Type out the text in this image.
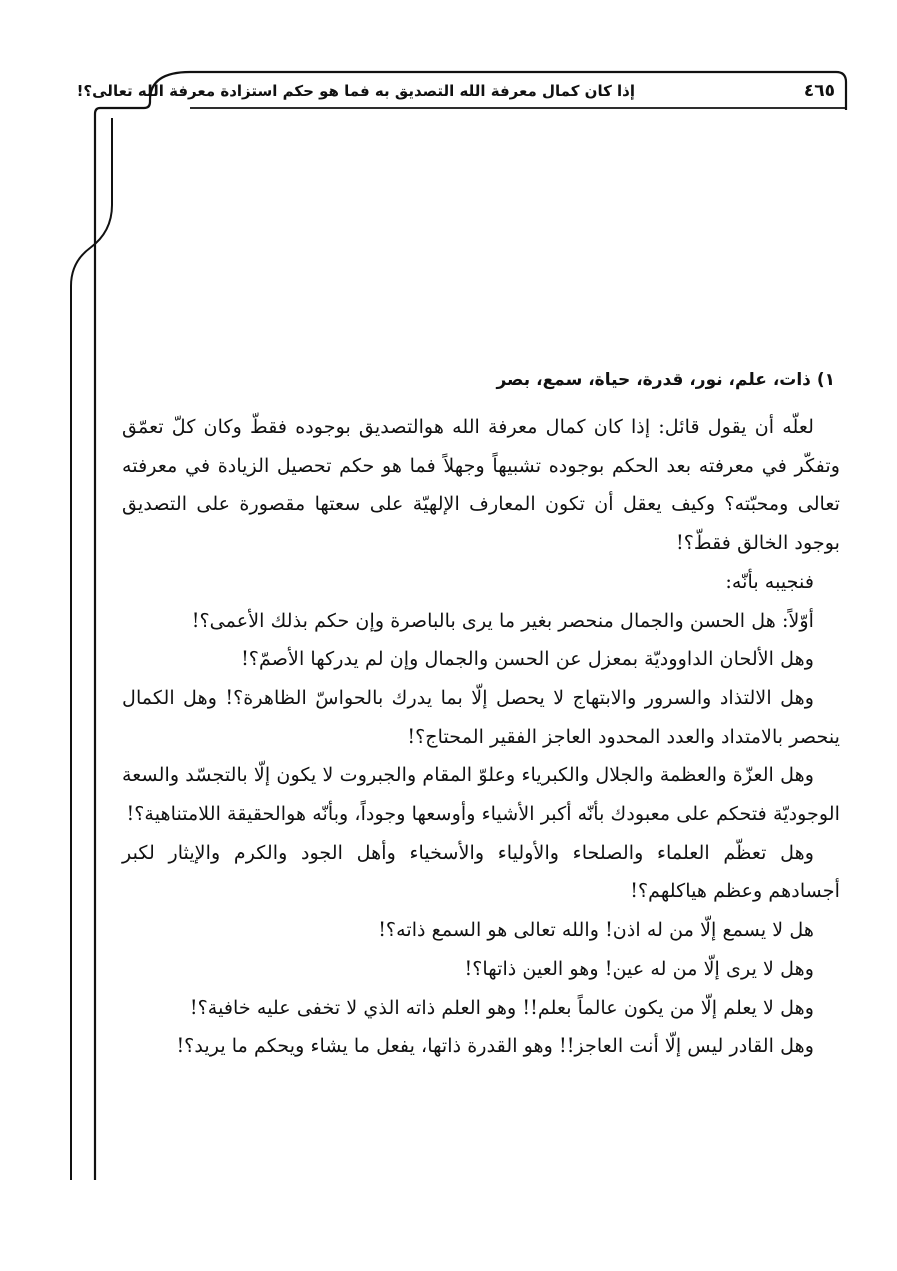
إذا كان كمال معرفة الله التصديق به فما هو حكم استزادة معرفة الله تعالى؟!	٤٦٥
١) ذات، علم، نور، قدرة، حياة، سمع، بصر

لعلّه أن يقول قائل: إذا كان كمال معرفة الله هوالتصديق بوجوده فقطّ وكان كلّ تعمّق وتفكّر في معرفته بعد الحكم بوجوده تشبيهاً وجهلاً فما هو حكم تحصيل الزيادة في معرفته تعالى ومحبّته؟ وكيف يعقل أن تكون المعارف الإلهيّة على سعتها مقصورة على التصديق بوجود الخالق فقطّ؟!

فنجيبه بأنّه:

أوّلاً: هل الحسن والجمال منحصر بغير ما يرى بالباصرة وإن حكم بذلك الأعمى؟!

وهل الألحان الداووديّة بمعزل عن الحسن والجمال وإن لم يدركها الأصمّ؟!

وهل الالتذاد والسرور والابتهاج لا يحصل إلّا بما يدرك بالحواسّ الظاهرة؟! وهل الكمال ينحصر بالامتداد والعدد المحدود العاجز الفقير المحتاج؟!

وهل العزّة والعظمة والجلال والكبرياء وعلوّ المقام والجبروت لا يكون إلّا بالتجسّد والسعة الوجوديّة فتحكم على معبودك بأنّه أكبر الأشياء وأوسعها وجوداً، وبأنّه هوالحقيقة اللامتناهية؟!

وهل تعظّم العلماء والصلحاء والأولياء والأسخياء وأهل الجود والكرم والإيثار لكبر أجسادهم وعظم هياكلهم؟!

هل لا يسمع إلّا من له اذن! والله تعالى هو السمع ذاته؟!

وهل لا يرى إلّا من له عين! وهو العين ذاتها؟!

وهل لا يعلم إلّا من يكون عالماً بعلم!! وهو العلم ذاته الذي لا تخفى عليه خافية؟!

وهل القادر ليس إلّا أنت العاجز!! وهو القدرة ذاتها، يفعل ما يشاء ويحكم ما يريد؟!
